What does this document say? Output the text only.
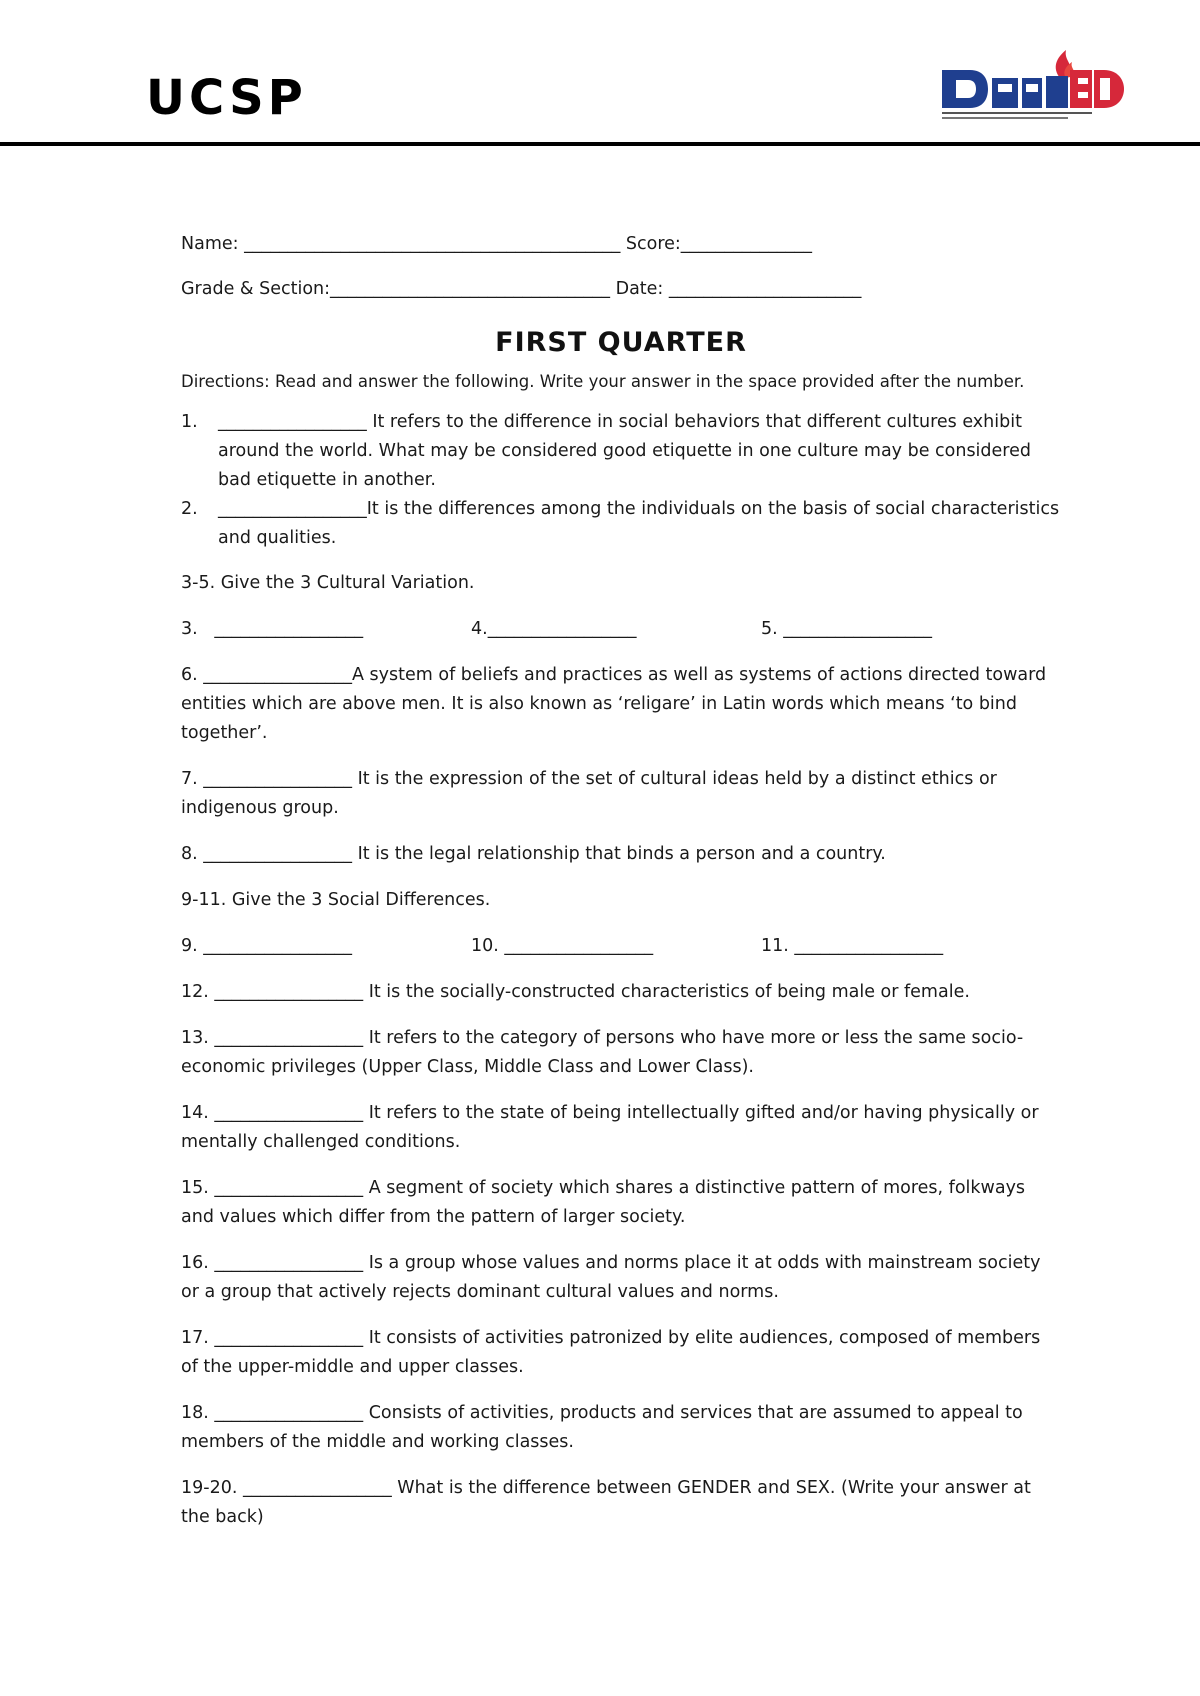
UCSP

Name: ___________________________________________ Score:_______________

Grade & Section:________________________________ Date: ______________________

FIRST QUARTER

Directions: Read and answer the following. Write your answer in the space provided after the number.

1. _________________ It refers to the difference in social behaviors that different cultures exhibit around the world. What may be considered good etiquette in one culture may be considered bad etiquette in another.
2. _________________It is the differences among the individuals on the basis of social characteristics and qualities.

3-5. Give the 3 Cultural Variation.

3.   _________________	4._________________	5. _________________

6. _________________A system of beliefs and practices as well as systems of actions directed toward entities which are above men. It is also known as ‘religare’ in Latin words which means ‘to bind together’.

7. _________________ It is the expression of the set of cultural ideas held by a distinct ethics or indigenous group.

8. _________________ It is the legal relationship that binds a person and a country.

9-11. Give the 3 Social Differences.

9. _________________	10. _________________	11. _________________

12. _________________ It is the socially-constructed characteristics of being male or female.

13. _________________ It refers to the category of persons who have more or less the same socio-economic privileges (Upper Class, Middle Class and Lower Class).

14. _________________ It refers to the state of being intellectually gifted and/or having physically or mentally challenged conditions.

15. _________________ A segment of society which shares a distinctive pattern of mores, folkways and values which differ from the pattern of larger society.

16. _________________ Is a group whose values and norms place it at odds with mainstream society or a group that actively rejects dominant cultural values and norms.

17. _________________ It consists of activities patronized by elite audiences, composed of members of the upper-middle and upper classes.

18. _________________ Consists of activities, products and services that are assumed to appeal to members of the middle and working classes.

19-20. _________________ What is the difference between GENDER and SEX. (Write your answer at the back)
